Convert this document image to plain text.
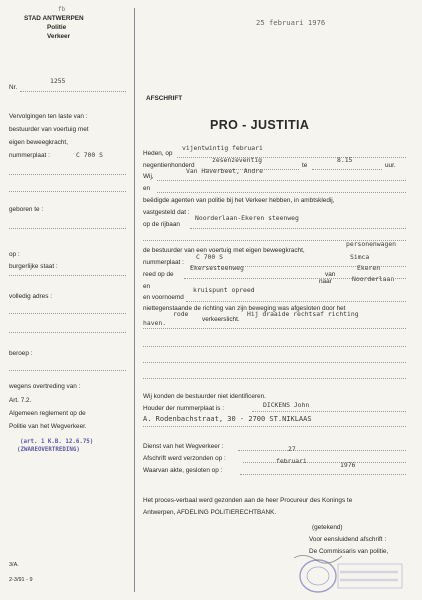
fb
STAD ANTWERPEN
Politie
Verkeer
Nr.
1255
Vervolgingen ten laste van :
bestuurder van voertuig met
eigen beweegkracht,
nummerplaat :	C 700 S
geboren te :
op :
burgerlijke staat :
volledig adres :
beroep :
wegens overtreding van :
Art. 7.2.
Algemeen reglement op de
Politie van het Wegverkeer.
(art. 1 K.B. 12.6.75)
(ZWAREOVERTREDING)
3/A.
2-3/91 - 9
25 februari 1976
AFSCHRIFT
PRO - JUSTITIA
Heden, op
vijentwintig februari
negentienhonderd
zesenzeventig
te
8.15
uur.
Wij,
Van Haverbeet, Andre
en
beëdigde agenten van politie bij het Verkeer hebben, in ambtskledij,
vastgesteld dat :
op de rijbaan
Noorderlaan-Ekeren steenweg
de bestuurder van een voertuig met eigen beweegkracht,
personenwagen
nummerplaat :
C 700 S	Simca
reed op de
Ekersesteenweg
van
Ekeren
naar	Noorderlaan
en	kruispunt opreed
en voornoemd
niettegenstaande de richting van zijn beweging was afgesloten door het
rode
verkeerslicht.
Hij draaide rechtsaf richting
haven.
Wij konden de bestuurder niet identificeren.
Houder der nummerplaat is :	DICKENS John
A. Rodenbachstraat, 30 - 2700 ST.NIKLAAS
Dienst van het Wegverkeer :	27
Afschrift werd verzonden op :	februari	1976
Waarvan akte, gesloten op :
Het proces-verbaal werd gezonden aan de heer Procureur des Konings te
Antwerpen, AFDELING POLITIERECHTBANK.
(getekend)
Voor eensluidend afschrift :
De Commissaris van politie,
